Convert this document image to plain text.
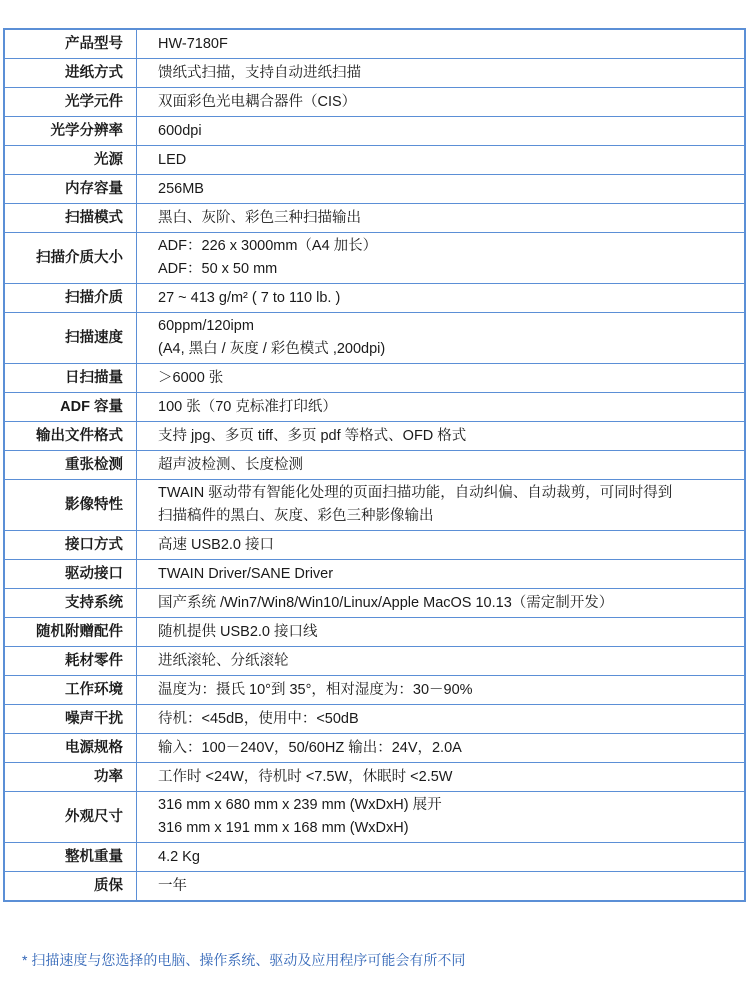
产品型号	HW-7180F

进纸方式	馈纸式扫描，支持自动进纸扫描

光学元件	双面彩色光电耦合器件（CIS）

光学分辨率	600dpi

光源	LED

内存容量	256MB

扫描模式	黑白、灰阶、彩色三种扫描输出

扫描介质大小	ADF：226 x 3000mm（A4 加长）
ADF：50 x 50 mm

扫描介质	27 ~ 413 g/m² ( 7 to 110 lb. )

扫描速度	60ppm/120ipm
(A4, 黑白 / 灰度 / 彩色模式 ,200dpi)

日扫描量	＞6000 张

ADF 容量	100 张（70 克标准打印纸）

输出文件格式	支持 jpg、多页 tiff、多页 pdf 等格式、OFD 格式

重张检测	超声波检测、长度检测

影像特性	TWAIN 驱动带有智能化处理的页面扫描功能，自动纠偏、自动裁剪，可同时得到
扫描稿件的黑白、灰度、彩色三种影像输出

接口方式	高速 USB2.0 接口

驱动接口	TWAIN Driver/SANE Driver

支持系统	国产系统 /Win7/Win8/Win10/Linux/Apple MacOS 10.13（需定制开发）

随机附赠配件	随机提供 USB2.0 接口线

耗材零件	进纸滚轮、分纸滚轮

工作环境	温度为：摄氏 10°到 35°，相对湿度为：30－90%

噪声干扰	待机：<45dB，使用中：<50dB

电源规格	输入：100－240V，50/60HZ 输出：24V，2.0A

功率	工作时 <24W，待机时 <7.5W，休眠时 <2.5W

外观尺寸	316 mm x 680 mm x 239 mm (WxDxH) 展开
316 mm x 191 mm x 168 mm (WxDxH)

整机重量	4.2 Kg

质保	一年
* 扫描速度与您选择的电脑、操作系统、驱动及应用程序可能会有所不同
